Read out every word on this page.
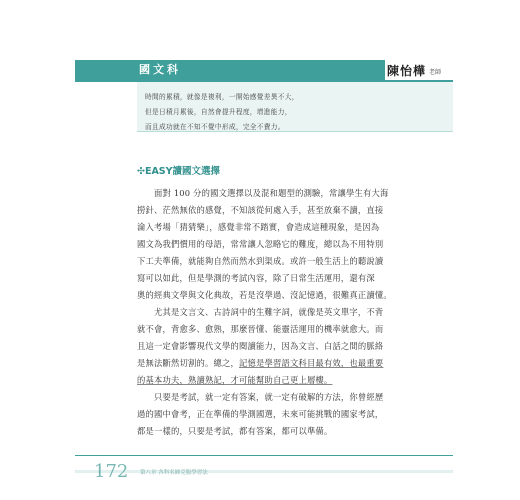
國文科	陳怡樺 老師
時間的累積，就像是複利，一開始感覺差異不大，
但是日積月累後，自然會提升程度，增進能力，
而且成功就在不知不覺中形成，完全不費力。
✣EASY讀國文選擇

面對 100 分的國文選擇以及混和題型的測驗，常讓學生有大海
撈針、茫然無依的感覺，不知該從何處入手，甚至放棄不讀，直接
淪入考場「猜猜樂」，感覺非常不踏實，會造成這種現象，是因為
國文為我們慣用的母語，常常讓人忽略它的難度，總以為不用特別
下工夫準備，就能夠自然而然水到渠成。或許一般生活上的聽說讀
寫可以如此，但是學測的考試內容，除了日常生活運用，還有深
奧的經典文學與文化典故，若是沒學過、沒記憶過，很難真正讀懂。

尤其是文言文、古詩詞中的生難字詞，就像是英文單字，不背
就不會，背愈多、愈熟，那麼晉懂、能靈活運用的機率就愈大。而
且這一定會影響現代文學的閱讀能力，因為文言、白話之間的脈絡
是無法斷然切割的。總之，記憶是學習語文科目最有效，也最重要
的基本功夫，熟讀熟記，才可能幫助自己更上層樓。

只要是考試，就一定有答案，就一定有破解的方法，你曾經歷
過的國中會考，正在準備的學測國選，未來可能挑戰的國家考試，
都是一樣的，只要是考試，都有答案，都可以準備。

172 第八章 各科名師克服學習法
